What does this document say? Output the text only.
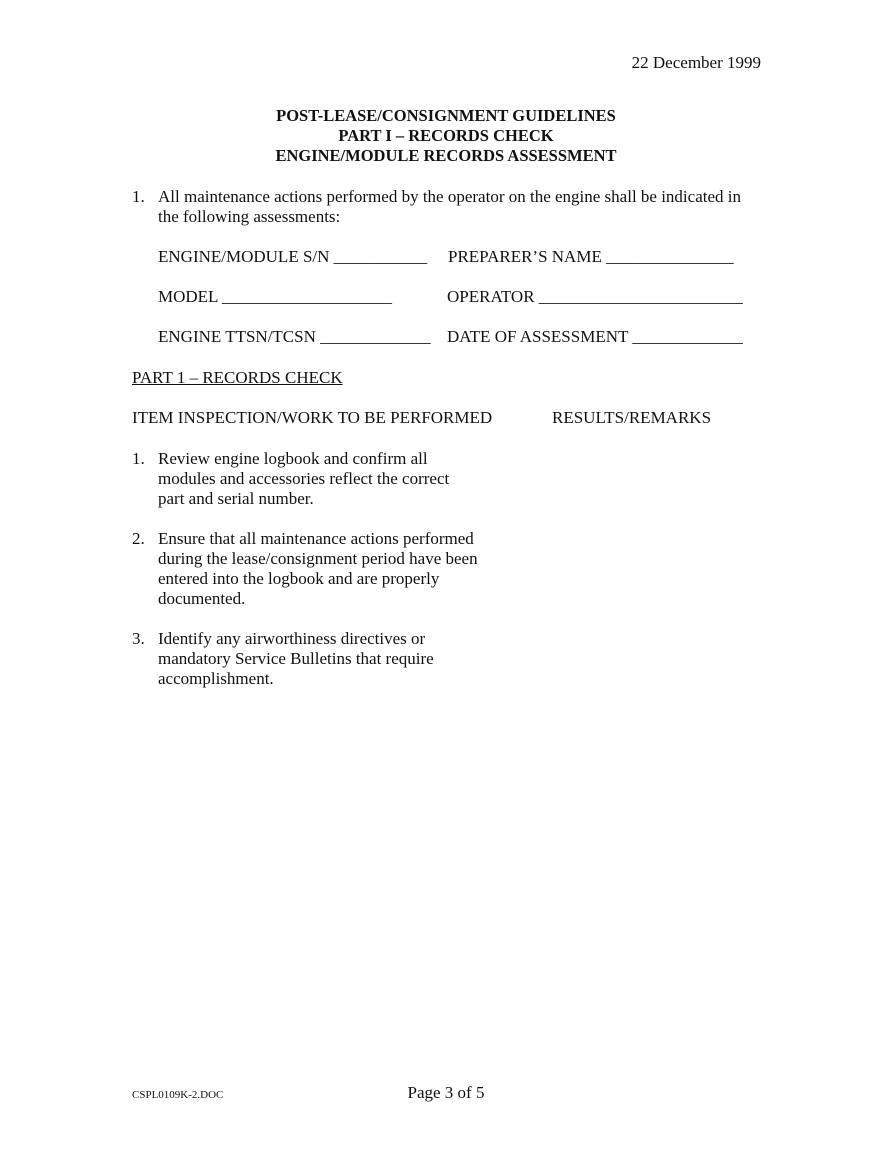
22 December 1999
POST-LEASE/CONSIGNMENT GUIDELINES
PART I – RECORDS CHECK
ENGINE/MODULE RECORDS ASSESSMENT
1. All maintenance actions performed by the operator on the engine shall be indicated in
the following assessments:
ENGINE/MODULE S/N ___________ PREPARER’S NAME _______________
MODEL ____________________	OPERATOR ________________________
ENGINE TTSN/TCSN _____________ DATE OF ASSESSMENT _____________
PART 1 – RECORDS CHECK
ITEM INSPECTION/WORK TO BE PERFORMED	RESULTS/REMARKS
1. Review engine logbook and confirm all
modules and accessories reflect the correct
part and serial number.
2. Ensure that all maintenance actions performed
during the lease/consignment period have been
entered into the logbook and are properly
documented.
3. Identify any airworthiness directives or
mandatory Service Bulletins that require
accomplishment.
CSPL0109K-2.DOC	Page 3 of 5
